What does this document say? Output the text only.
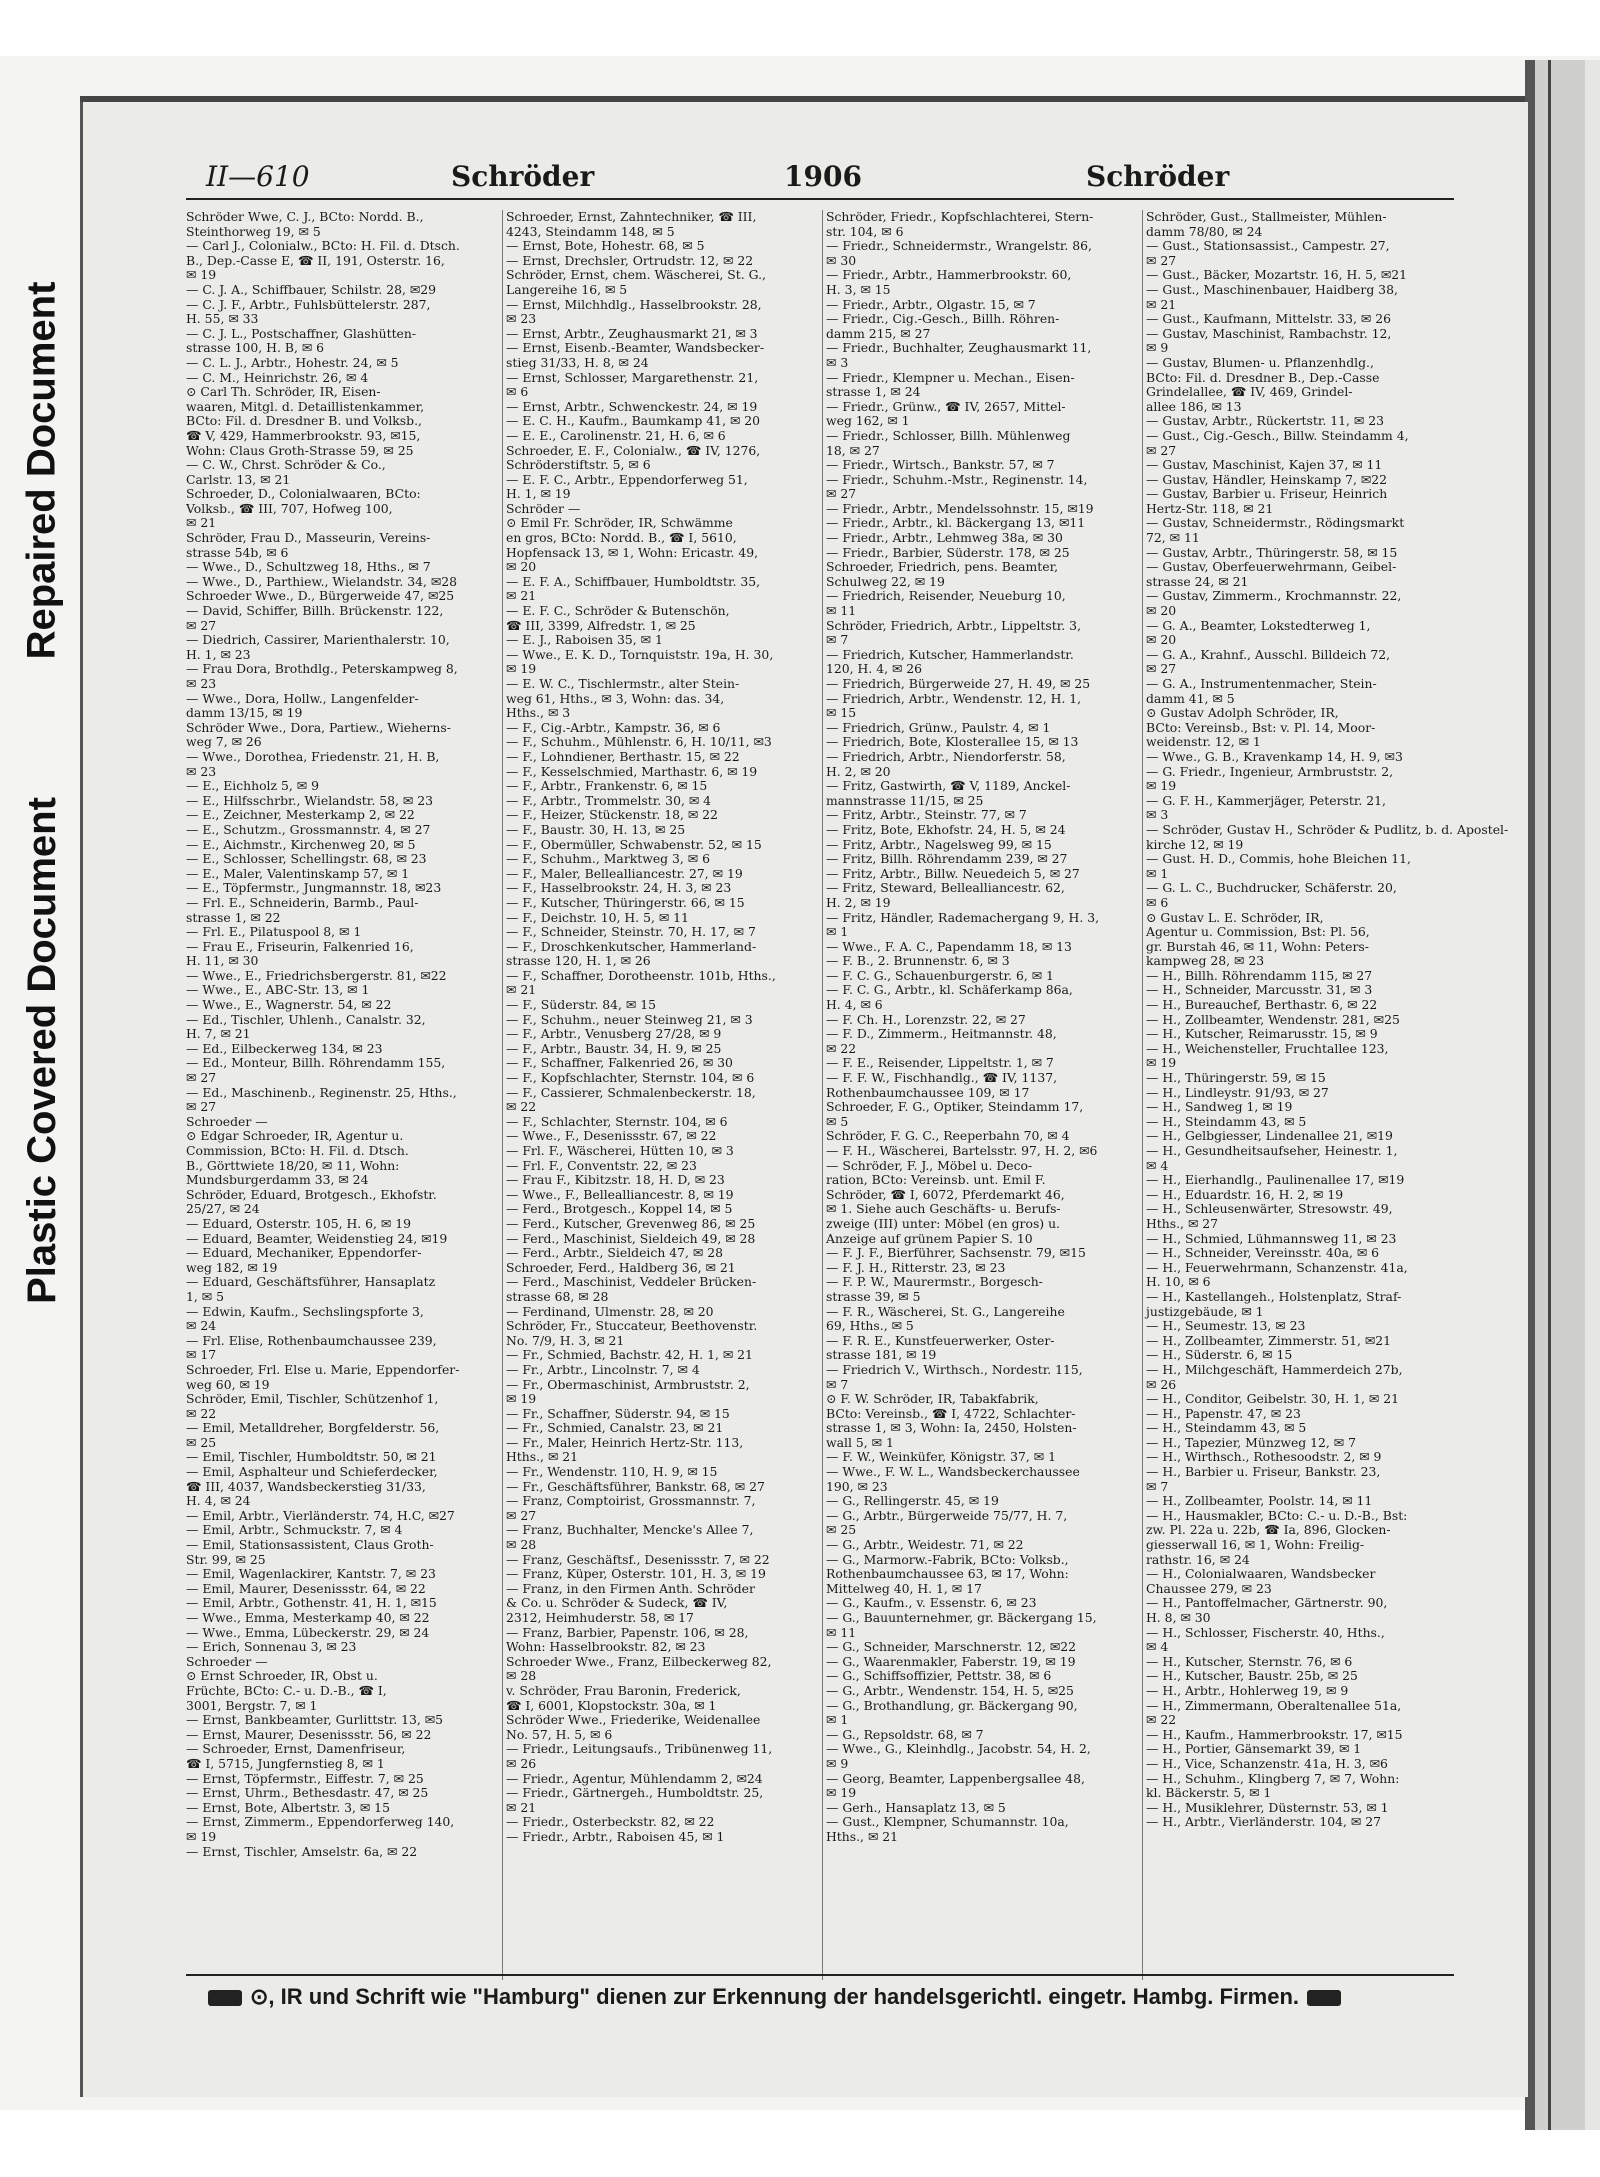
Repaired Document
Plastic Covered Document
II—610	Schröder	1906	Schröder
Schröder Wwe, C. J., BCto: Nordd. B.,
Steinthorweg 19, ✉ 5
— Carl J., Colonialw., BCto: H. Fil. d. Dtsch.
B., Dep.-Casse E, ☎ II, 191, Osterstr. 16,
✉ 19
— C. J. A., Schiffbauer, Schilstr. 28, ✉29
— C. J. F., Arbtr., Fuhlsbüttelerstr. 287,
H. 55, ✉ 33
— C. J. L., Postschaffner, Glashütten-
strasse 100, H. B, ✉ 6
— C. L. J., Arbtr., Hohestr. 24, ✉ 5
— C. M., Heinrichstr. 26, ✉ 4
⊙ Carl Th. Schröder, IR, Eisen-
waaren, Mitgl. d. Detaillistenkammer,
BCto: Fil. d. Dresdner B. und Volksb.,
☎ V, 429, Hammerbrookstr. 93, ✉15,
Wohn: Claus Groth-Strasse 59, ✉ 25
— C. W., Chrst. Schröder & Co.,
Carlstr. 13, ✉ 21
Schroeder, D., Colonialwaaren, BCto:
Volksb., ☎ III, 707, Hofweg 100,
✉ 21
Schröder, Frau D., Masseurin, Vereins-
strasse 54b, ✉ 6
— Wwe., D., Schultzweg 18, Hths., ✉ 7
— Wwe., D., Parthiew., Wielandstr. 34, ✉28
Schroeder Wwe., D., Bürgerweide 47, ✉25
— David, Schiffer, Billh. Brückenstr. 122,
✉ 27
— Diedrich, Cassirer, Marienthalerstr. 10,
H. 1, ✉ 23
— Frau Dora, Brothdlg., Peterskampweg 8,
✉ 23
— Wwe., Dora, Hollw., Langenfelder-
damm 13/15, ✉ 19
Schröder Wwe., Dora, Partiew., Wieherns-
weg 7, ✉ 26
— Wwe., Dorothea, Friedenstr. 21, H. B,
✉ 23
— E., Eichholz 5, ✉ 9
— E., Hilfsschrbr., Wielandstr. 58, ✉ 23
— E., Zeichner, Mesterkamp 2, ✉ 22
— E., Schutzm., Grossmannstr. 4, ✉ 27
— E., Aichmstr., Kirchenweg 20, ✉ 5
— E., Schlosser, Schellingstr. 68, ✉ 23
— E., Maler, Valentinskamp 57, ✉ 1
— E., Töpfermstr., Jungmannstr. 18, ✉23
— Frl. E., Schneiderin, Barmb., Paul-
strasse 1, ✉ 22
— Frl. E., Pilatuspool 8, ✉ 1
— Frau E., Friseurin, Falkenried 16,
H. 11, ✉ 30
— Wwe., E., Friedrichsbergerstr. 81, ✉22
— Wwe., E., ABC-Str. 13, ✉ 1
— Wwe., E., Wagnerstr. 54, ✉ 22
— Ed., Tischler, Uhlenh., Canalstr. 32,
H. 7, ✉ 21
— Ed., Eilbeckerweg 134, ✉ 23
— Ed., Monteur, Billh. Röhrendamm 155,
✉ 27
— Ed., Maschinenb., Reginenstr. 25, Hths.,
✉ 27
Schroeder —
⊙ Edgar Schroeder, IR, Agentur u.
Commission, BCto: H. Fil. d. Dtsch.
B., Görttwiete 18/20, ✉ 11, Wohn:
Mundsburgerdamm 33, ✉ 24
Schröder, Eduard, Brotgesch., Ekhofstr.
25/27, ✉ 24
— Eduard, Osterstr. 105, H. 6, ✉ 19
— Eduard, Beamter, Weidenstieg 24, ✉19
— Eduard, Mechaniker, Eppendorfer-
weg 182, ✉ 19
— Eduard, Geschäftsführer, Hansaplatz
1, ✉ 5
— Edwin, Kaufm., Sechslingspforte 3,
✉ 24
— Frl. Elise, Rothenbaumchaussee 239,
✉ 17
Schroeder, Frl. Else u. Marie, Eppendorfer-
weg 60, ✉ 19
Schröder, Emil, Tischler, Schützenhof 1,
✉ 22
— Emil, Metalldreher, Borgfelderstr. 56,
✉ 25
— Emil, Tischler, Humboldtstr. 50, ✉ 21
— Emil, Asphalteur und Schieferdecker,
☎ III, 4037, Wandsbeckerstieg 31/33,
H. 4, ✉ 24
— Emil, Arbtr., Vierländerstr. 74, H.C, ✉27
— Emil, Arbtr., Schmuckstr. 7, ✉ 4
— Emil, Stationsassistent, Claus Groth-
Str. 99, ✉ 25
— Emil, Wagenlackirer, Kantstr. 7, ✉ 23
— Emil, Maurer, Desenissstr. 64, ✉ 22
— Emil, Arbtr., Gothenstr. 41, H. 1, ✉15
— Wwe., Emma, Mesterkamp 40, ✉ 22
— Wwe., Emma, Lübeckerstr. 29, ✉ 24
— Erich, Sonnenau 3, ✉ 23
Schroeder —
⊙ Ernst Schroeder, IR, Obst u.
Früchte, BCto: C.- u. D.-B., ☎ I,
3001, Bergstr. 7, ✉ 1
— Ernst, Bankbeamter, Gurlittstr. 13, ✉5
— Ernst, Maurer, Desenissstr. 56, ✉ 22
— Schroeder, Ernst, Damenfriseur,
☎ I, 5715, Jungfernstieg 8, ✉ 1
— Ernst, Töpfermstr., Eiffestr. 7, ✉ 25
— Ernst, Uhrm., Bethesdastr. 47, ✉ 25
— Ernst, Bote, Albertstr. 3, ✉ 15
— Ernst, Zimmerm., Eppendorferweg 140,
✉ 19
— Ernst, Tischler, Amselstr. 6a, ✉ 22
Schroeder, Ernst, Zahntechniker, ☎ III,
4243, Steindamm 148, ✉ 5
— Ernst, Bote, Hohestr. 68, ✉ 5
— Ernst, Drechsler, Ortrudstr. 12, ✉ 22
Schröder, Ernst, chem. Wäscherei, St. G.,
Langereihe 16, ✉ 5
— Ernst, Milchhdlg., Hasselbrookstr. 28,
✉ 23
— Ernst, Arbtr., Zeughausmarkt 21, ✉ 3
— Ernst, Eisenb.-Beamter, Wandsbecker-
stieg 31/33, H. 8, ✉ 24
— Ernst, Schlosser, Margarethenstr. 21,
✉ 6
— Ernst, Arbtr., Schwenckestr. 24, ✉ 19
— E. C. H., Kaufm., Baumkamp 41, ✉ 20
— E. E., Carolinenstr. 21, H. 6, ✉ 6
Schroeder, E. F., Colonialw., ☎ IV, 1276,
Schröderstiftstr. 5, ✉ 6
— E. F. C., Arbtr., Eppendorferweg 51,
H. 1, ✉ 19
Schröder —
⊙ Emil Fr. Schröder, IR, Schwämme
en gros, BCto: Nordd. B., ☎ I, 5610,
Hopfensack 13, ✉ 1, Wohn: Ericastr. 49,
✉ 20
— E. F. A., Schiffbauer, Humboldtstr. 35,
✉ 21
— E. F. C., Schröder & Butenschön,
☎ III, 3399, Alfredstr. 1, ✉ 25
— E. J., Raboisen 35, ✉ 1
— Wwe., E. K. D., Tornquiststr. 19a, H. 30,
✉ 19
— E. W. C., Tischlermstr., alter Stein-
weg 61, Hths., ✉ 3, Wohn: das. 34,
Hths., ✉ 3
— F., Cig.-Arbtr., Kampstr. 36, ✉ 6
— F., Schuhm., Mühlenstr. 6, H. 10/11, ✉3
— F., Lohndiener, Berthastr. 15, ✉ 22
— F., Kesselschmied, Marthastr. 6, ✉ 19
— F., Arbtr., Frankenstr. 6, ✉ 15
— F., Arbtr., Trommelstr. 30, ✉ 4
— F., Heizer, Stückenstr. 18, ✉ 22
— F., Baustr. 30, H. 13, ✉ 25
— F., Obermüller, Schwabenstr. 52, ✉ 15
— F., Schuhm., Marktweg 3, ✉ 6
— F., Maler, Bellealliancestr. 27, ✉ 19
— F., Hasselbrookstr. 24, H. 3, ✉ 23
— F., Kutscher, Thüringerstr. 66, ✉ 15
— F., Deichstr. 10, H. 5, ✉ 11
— F., Schneider, Steinstr. 70, H. 17, ✉ 7
— F., Droschkenkutscher, Hammerland-
strasse 120, H. 1, ✉ 26
— F., Schaffner, Dorotheenstr. 101b, Hths.,
✉ 21
— F., Süderstr. 84, ✉ 15
— F., Schuhm., neuer Steinweg 21, ✉ 3
— F., Arbtr., Venusberg 27/28, ✉ 9
— F., Arbtr., Baustr. 34, H. 9, ✉ 25
— F., Schaffner, Falkenried 26, ✉ 30
— F., Kopfschlachter, Sternstr. 104, ✉ 6
— F., Cassierer, Schmalenbeckerstr. 18,
✉ 22
— F., Schlachter, Sternstr. 104, ✉ 6
— Wwe., F., Desenissstr. 67, ✉ 22
— Frl. F., Wäscherei, Hütten 10, ✉ 3
— Frl. F., Conventstr. 22, ✉ 23
— Frau F., Kibitzstr. 18, H. D, ✉ 23
— Wwe., F., Bellealliancestr. 8, ✉ 19
— Ferd., Brotgesch., Koppel 14, ✉ 5
— Ferd., Kutscher, Grevenweg 86, ✉ 25
— Ferd., Maschinist, Sieldeich 49, ✉ 28
— Ferd., Arbtr., Sieldeich 47, ✉ 28
Schroeder, Ferd., Haldberg 36, ✉ 21
— Ferd., Maschinist, Veddeler Brücken-
strasse 68, ✉ 28
— Ferdinand, Ulmenstr. 28, ✉ 20
Schröder, Fr., Stuccateur, Beethovenstr.
No. 7/9, H. 3, ✉ 21
— Fr., Schmied, Bachstr. 42, H. 1, ✉ 21
— Fr., Arbtr., Lincolnstr. 7, ✉ 4
— Fr., Obermaschinist, Armbruststr. 2,
✉ 19
— Fr., Schaffner, Süderstr. 94, ✉ 15
— Fr., Schmied, Canalstr. 23, ✉ 21
— Fr., Maler, Heinrich Hertz-Str. 113,
Hths., ✉ 21
— Fr., Wendenstr. 110, H. 9, ✉ 15
— Fr., Geschäftsführer, Bankstr. 68, ✉ 27
— Franz, Comptoirist, Grossmannstr. 7,
✉ 27
— Franz, Buchhalter, Mencke's Allee 7,
✉ 28
— Franz, Geschäftsf., Desenissstr. 7, ✉ 22
— Franz, Küper, Osterstr. 101, H. 3, ✉ 19
— Franz, in den Firmen Anth. Schröder
& Co. u. Schröder & Sudeck, ☎ IV,
2312, Heimhuderstr. 58, ✉ 17
— Franz, Barbier, Papenstr. 106, ✉ 28,
Wohn: Hasselbrookstr. 82, ✉ 23
Schroeder Wwe., Franz, Eilbeckerweg 82,
✉ 28
v. Schröder, Frau Baronin, Frederick,
☎ I, 6001, Klopstockstr. 30a, ✉ 1
Schröder Wwe., Friederike, Weidenallee
No. 57, H. 5, ✉ 6
— Friedr., Leitungsaufs., Tribünenweg 11,
✉ 26
— Friedr., Agentur, Mühlendamm 2, ✉24
— Friedr., Gärtnergeh., Humboldtstr. 25,
✉ 21
— Friedr., Osterbeckstr. 82, ✉ 22
— Friedr., Arbtr., Raboisen 45, ✉ 1
Schröder, Friedr., Kopfschlachterei, Stern-
str. 104, ✉ 6
— Friedr., Schneidermstr., Wrangelstr. 86,
✉ 30
— Friedr., Arbtr., Hammerbrookstr. 60,
H. 3, ✉ 15
— Friedr., Arbtr., Olgastr. 15, ✉ 7
— Friedr., Cig.-Gesch., Billh. Röhren-
damm 215, ✉ 27
— Friedr., Buchhalter, Zeughausmarkt 11,
✉ 3
— Friedr., Klempner u. Mechan., Eisen-
strasse 1, ✉ 24
— Friedr., Grünw., ☎ IV, 2657, Mittel-
weg 162, ✉ 1
— Friedr., Schlosser, Billh. Mühlenweg
18, ✉ 27
— Friedr., Wirtsch., Bankstr. 57, ✉ 7
— Friedr., Schuhm.-Mstr., Reginenstr. 14,
✉ 27
— Friedr., Arbtr., Mendelssohnstr. 15, ✉19
— Friedr., Arbtr., kl. Bäckergang 13, ✉11
— Friedr., Arbtr., Lehmweg 38a, ✉ 30
— Friedr., Barbier, Süderstr. 178, ✉ 25
Schroeder, Friedrich, pens. Beamter,
Schulweg 22, ✉ 19
— Friedrich, Reisender, Neueburg 10,
✉ 11
Schröder, Friedrich, Arbtr., Lippeltstr. 3,
✉ 7
— Friedrich, Kutscher, Hammerlandstr.
120, H. 4, ✉ 26
— Friedrich, Bürgerweide 27, H. 49, ✉ 25
— Friedrich, Arbtr., Wendenstr. 12, H. 1,
✉ 15
— Friedrich, Grünw., Paulstr. 4, ✉ 1
— Friedrich, Bote, Klosterallee 15, ✉ 13
— Friedrich, Arbtr., Niendorferstr. 58,
H. 2, ✉ 20
— Fritz, Gastwirth, ☎ V, 1189, Anckel-
mannstrasse 11/15, ✉ 25
— Fritz, Arbtr., Steinstr. 77, ✉ 7
— Fritz, Bote, Ekhofstr. 24, H. 5, ✉ 24
— Fritz, Arbtr., Nagelsweg 99, ✉ 15
— Fritz, Billh. Röhrendamm 239, ✉ 27
— Fritz, Arbtr., Billw. Neuedeich 5, ✉ 27
— Fritz, Steward, Bellealliancestr. 62,
H. 2, ✉ 19
— Fritz, Händler, Rademachergang 9, H. 3,
✉ 1
— Wwe., F. A. C., Papendamm 18, ✉ 13
— F. B., 2. Brunnenstr. 6, ✉ 3
— F. C. G., Schauenburgerstr. 6, ✉ 1
— F. C. G., Arbtr., kl. Schäferkamp 86a,
H. 4, ✉ 6
— F. Ch. H., Lorenzstr. 22, ✉ 27
— F. D., Zimmerm., Heitmannstr. 48,
✉ 22
— F. E., Reisender, Lippeltstr. 1, ✉ 7
— F. F. W., Fischhandlg., ☎ IV, 1137,
Rothenbaumchaussee 109, ✉ 17
Schroeder, F. G., Optiker, Steindamm 17,
✉ 5
Schröder, F. G. C., Reeperbahn 70, ✉ 4
— F. H., Wäscherei, Bartelsstr. 97, H. 2, ✉6
— Schröder, F. J., Möbel u. Deco-
ration, BCto: Vereinsb. unt. Emil F.
Schröder, ☎ I, 6072, Pferdemarkt 46,
✉ 1. Siehe auch Geschäfts- u. Berufs-
zweige (III) unter: Möbel (en gros) u.
Anzeige auf grünem Papier S. 10
— F. J. F., Bierführer, Sachsenstr. 79, ✉15
— F. J. H., Ritterstr. 23, ✉ 23
— F. P. W., Maurermstr., Borgesch-
strasse 39, ✉ 5
— F. R., Wäscherei, St. G., Langereihe
69, Hths., ✉ 5
— F. R. E., Kunstfeuerwerker, Oster-
strasse 181, ✉ 19
— Friedrich V., Wirthsch., Nordestr. 115,
✉ 7
⊙ F. W. Schröder, IR, Tabakfabrik,
BCto: Vereinsb., ☎ I, 4722, Schlachter-
strasse 1, ✉ 3, Wohn: Ia, 2450, Holsten-
wall 5, ✉ 1
— F. W., Weinküfer, Königstr. 37, ✉ 1
— Wwe., F. W. L., Wandsbeckerchaussee
190, ✉ 23
— G., Rellingerstr. 45, ✉ 19
— G., Arbtr., Bürgerweide 75/77, H. 7,
✉ 25
— G., Arbtr., Weidestr. 71, ✉ 22
— G., Marmorw.-Fabrik, BCto: Volksb.,
Rothenbaumchaussee 63, ✉ 17, Wohn:
Mittelweg 40, H. 1, ✉ 17
— G., Kaufm., v. Essenstr. 6, ✉ 23
— G., Bauunternehmer, gr. Bäckergang 15,
✉ 11
— G., Schneider, Marschnerstr. 12, ✉22
— G., Waarenmakler, Faberstr. 19, ✉ 19
— G., Schiffsoffizier, Pettstr. 38, ✉ 6
— G., Arbtr., Wendenstr. 154, H. 5, ✉25
— G., Brothandlung, gr. Bäckergang 90,
✉ 1
— G., Repsoldstr. 68, ✉ 7
— Wwe., G., Kleinhdlg., Jacobstr. 54, H. 2,
✉ 9
— Georg, Beamter, Lappenbergsallee 48,
✉ 19
— Gerh., Hansaplatz 13, ✉ 5
— Gust., Klempner, Schumannstr. 10a,
Hths., ✉ 21
Schröder, Gust., Stallmeister, Mühlen-
damm 78/80, ✉ 24
— Gust., Stationsassist., Campestr. 27,
✉ 27
— Gust., Bäcker, Mozartstr. 16, H. 5, ✉21
— Gust., Maschinenbauer, Haidberg 38,
✉ 21
— Gust., Kaufmann, Mittelstr. 33, ✉ 26
— Gustav, Maschinist, Rambachstr. 12,
✉ 9
— Gustav, Blumen- u. Pflanzenhdlg.,
BCto: Fil. d. Dresdner B., Dep.-Casse
Grindelallee, ☎ IV, 469, Grindel-
allee 186, ✉ 13
— Gustav, Arbtr., Rückertstr. 11, ✉ 23
— Gust., Cig.-Gesch., Billw. Steindamm 4,
✉ 27
— Gustav, Maschinist, Kajen 37, ✉ 11
— Gustav, Händler, Heinskamp 7, ✉22
— Gustav, Barbier u. Friseur, Heinrich
Hertz-Str. 118, ✉ 21
— Gustav, Schneidermstr., Rödingsmarkt
72, ✉ 11
— Gustav, Arbtr., Thüringerstr. 58, ✉ 15
— Gustav, Oberfeuerwehrmann, Geibel-
strasse 24, ✉ 21
— Gustav, Zimmerm., Krochmannstr. 22,
✉ 20
— G. A., Beamter, Lokstedterweg 1,
✉ 20
— G. A., Krahnf., Ausschl. Billdeich 72,
✉ 27
— G. A., Instrumentenmacher, Stein-
damm 41, ✉ 5
⊙ Gustav Adolph Schröder, IR,
BCto: Vereinsb., Bst: v. Pl. 14, Moor-
weidenstr. 12, ✉ 1
— Wwe., G. B., Kravenkamp 14, H. 9, ✉3
— G. Friedr., Ingenieur, Armbruststr. 2,
✉ 19
— G. F. H., Kammerjäger, Peterstr. 21,
✉ 3
— Schröder, Gustav H., Schröder & Pudlitz, b. d. Apostel-
kirche 12, ✉ 19
— Gust. H. D., Commis, hohe Bleichen 11,
✉ 1
— G. L. C., Buchdrucker, Schäferstr. 20,
✉ 6
⊙ Gustav L. E. Schröder, IR,
Agentur u. Commission, Bst: Pl. 56,
gr. Burstah 46, ✉ 11, Wohn: Peters-
kampweg 28, ✉ 23
— H., Billh. Röhrendamm 115, ✉ 27
— H., Schneider, Marcusstr. 31, ✉ 3
— H., Bureauchef, Berthastr. 6, ✉ 22
— H., Zollbeamter, Wendenstr. 281, ✉25
— H., Kutscher, Reimarusstr. 15, ✉ 9
— H., Weichensteller, Fruchtallee 123,
✉ 19
— H., Thüringerstr. 59, ✉ 15
— H., Lindleystr. 91/93, ✉ 27
— H., Sandweg 1, ✉ 19
— H., Steindamm 43, ✉ 5
— H., Gelbgiesser, Lindenallee 21, ✉19
— H., Gesundheitsaufseher, Heinestr. 1,
✉ 4
— H., Eierhandlg., Paulinenallee 17, ✉19
— H., Eduardstr. 16, H. 2, ✉ 19
— H., Schleusenwärter, Stresowstr. 49,
Hths., ✉ 27
— H., Schmied, Lühmannsweg 11, ✉ 23
— H., Schneider, Vereinsstr. 40a, ✉ 6
— H., Feuerwehrmann, Schanzenstr. 41a,
H. 10, ✉ 6
— H., Kastellangeh., Holstenplatz, Straf-
justizgebäude, ✉ 1
— H., Seumestr. 13, ✉ 23
— H., Zollbeamter, Zimmerstr. 51, ✉21
— H., Süderstr. 6, ✉ 15
— H., Milchgeschäft, Hammerdeich 27b,
✉ 26
— H., Conditor, Geibelstr. 30, H. 1, ✉ 21
— H., Papenstr. 47, ✉ 23
— H., Steindamm 43, ✉ 5
— H., Tapezier, Münzweg 12, ✉ 7
— H., Wirthsch., Rothesoodstr. 2, ✉ 9
— H., Barbier u. Friseur, Bankstr. 23,
✉ 7
— H., Zollbeamter, Poolstr. 14, ✉ 11
— H., Hausmakler, BCto: C.- u. D.-B., Bst:
zw. Pl. 22a u. 22b, ☎ Ia, 896, Glocken-
giesserwall 16, ✉ 1, Wohn: Freilig-
rathstr. 16, ✉ 24
— H., Colonialwaaren, Wandsbecker
Chaussee 279, ✉ 23
— H., Pantoffelmacher, Gärtnerstr. 90,
H. 8, ✉ 30
— H., Schlosser, Fischerstr. 40, Hths.,
✉ 4
— H., Kutscher, Sternstr. 76, ✉ 6
— H., Kutscher, Baustr. 25b, ✉ 25
— H., Arbtr., Hohlerweg 19, ✉ 9
— H., Zimmermann, Oberaltenallee 51a,
✉ 22
— H., Kaufm., Hammerbrookstr. 17, ✉15
— H., Portier, Gänsemarkt 39, ✉ 1
— H., Vice, Schanzenstr. 41a, H. 3, ✉6
— H., Schuhm., Klingberg 7, ✉ 7, Wohn:
kl. Bäckerstr. 5, ✉ 1
— H., Musiklehrer, Düsternstr. 53, ✉ 1
— H., Arbtr., Vierländerstr. 104, ✉ 27
⊙, IR und Schrift wie "Hamburg" dienen zur Erkennung der handelsgerichtl. eingetr. Hambg. Firmen.
